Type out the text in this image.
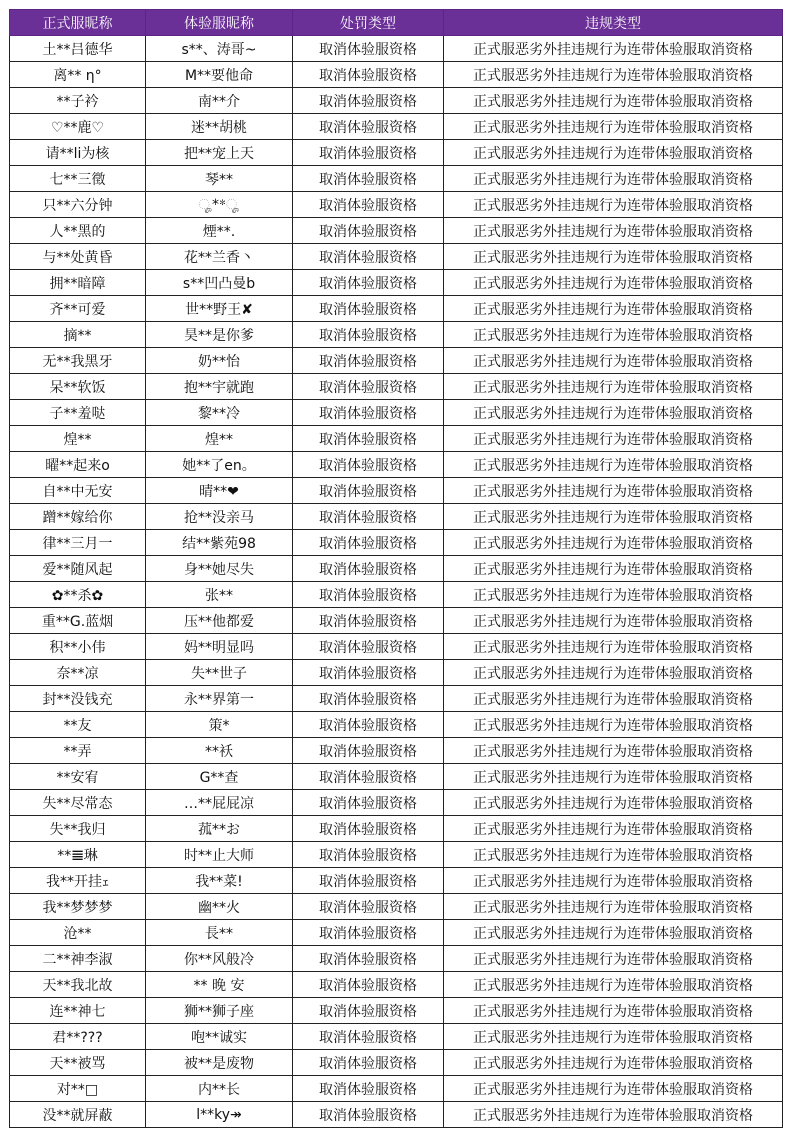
正式服昵称	体验服昵称	处罚类型	违规类型
土**吕德华	s**、涛哥~	取消体验服资格	正式服恶劣外挂违规行为连带体验服取消资格
离** η°	M**要他命	取消体验服资格	正式服恶劣外挂违规行为连带体验服取消资格
**子衿	南**介	取消体验服资格	正式服恶劣外挂违规行为连带体验服取消资格
♡**鹿♡	迷**胡桃	取消体验服资格	正式服恶劣外挂违规行为连带体验服取消资格
请**li为核	把**宠上天	取消体验服资格	正式服恶劣外挂违规行为连带体验服取消资格
七**三徵	琴**	取消体验服资格	正式服恶劣外挂违规行为连带体验服取消资格
只**六分钟	ೄ**ೄ	取消体验服资格	正式服恶劣外挂违规行为连带体验服取消资格
人**黑的	煙**.	取消体验服资格	正式服恶劣外挂违规行为连带体验服取消资格
与**处黄昏	花**兰香丶	取消体验服资格	正式服恶劣外挂违规行为连带体验服取消资格
拥**暗障	s**凹凸曼b	取消体验服资格	正式服恶劣外挂违规行为连带体验服取消资格
齐**可爱	世**野王✘	取消体验服资格	正式服恶劣外挂违规行为连带体验服取消资格
摘**	昊**是你爹	取消体验服资格	正式服恶劣外挂违规行为连带体验服取消资格
无**我黑牙	奶**怡	取消体验服资格	正式服恶劣外挂违规行为连带体验服取消资格
呆**软饭	抱**宇就跑	取消体验服资格	正式服恶劣外挂违规行为连带体验服取消资格
子**羞哒	黎**冷	取消体验服资格	正式服恶劣外挂违规行为连带体验服取消资格
煌**	煌**	取消体验服资格	正式服恶劣外挂违规行为连带体验服取消资格
曜**起来o	她**了en。	取消体验服资格	正式服恶劣外挂违规行为连带体验服取消资格
自**中无安	晴**❤	取消体验服资格	正式服恶劣外挂违规行为连带体验服取消资格
蹭**嫁给你	抢**没亲马	取消体验服资格	正式服恶劣外挂违规行为连带体验服取消资格
律**三月一	结**紫苑98	取消体验服资格	正式服恶劣外挂违规行为连带体验服取消资格
爱**随风起	身**她尽失	取消体验服资格	正式服恶劣外挂违规行为连带体验服取消资格
✿**杀✿	张**	取消体验服资格	正式服恶劣外挂违规行为连带体验服取消资格
重**G.蓝烟	压**他都爱	取消体验服资格	正式服恶劣外挂违规行为连带体验服取消资格
积**小伟	妈**明显吗	取消体验服资格	正式服恶劣外挂违规行为连带体验服取消资格
奈**凉	失**世子	取消体验服资格	正式服恶劣外挂违规行为连带体验服取消资格
封**没钱充	永**界第一	取消体验服资格	正式服恶劣外挂违规行为连带体验服取消资格
**友	策*	取消体验服资格	正式服恶劣外挂违规行为连带体验服取消资格
**弄	**袄	取消体验服资格	正式服恶劣外挂违规行为连带体验服取消资格
**安宥	G**查	取消体验服资格	正式服恶劣外挂违规行为连带体验服取消资格
失**尽常态	…**屁屁凉	取消体验服资格	正式服恶劣外挂违规行为连带体验服取消资格
失**我归	菰**お	取消体验服资格	正式服恶劣外挂违规行为连带体验服取消资格
**𝌆琳	时**止大师	取消体验服资格	正式服恶劣外挂违规行为连带体验服取消资格
我**开挂ｪ	我**菜!	取消体验服资格	正式服恶劣外挂违规行为连带体验服取消资格
我**梦梦梦	幽**火	取消体验服资格	正式服恶劣外挂违规行为连带体验服取消资格
沧**	長**	取消体验服资格	正式服恶劣外挂违规行为连带体验服取消资格
二**神李淑	你**风般冷	取消体验服资格	正式服恶劣外挂违规行为连带体验服取消资格
天**我北故	** 晚 安	取消体验服资格	正式服恶劣外挂违规行为连带体验服取消资格
连**神七	狮**狮子座	取消体验服资格	正式服恶劣外挂违规行为连带体验服取消资格
君**???	咆**诚实	取消体验服资格	正式服恶劣外挂违规行为连带体验服取消资格
天**被骂	被**是废物	取消体验服资格	正式服恶劣外挂违规行为连带体验服取消资格
对**□	内**长	取消体验服资格	正式服恶劣外挂违规行为连带体验服取消资格
没**就屏蔽	l**ky↠	取消体验服资格	正式服恶劣外挂违规行为连带体验服取消资格
